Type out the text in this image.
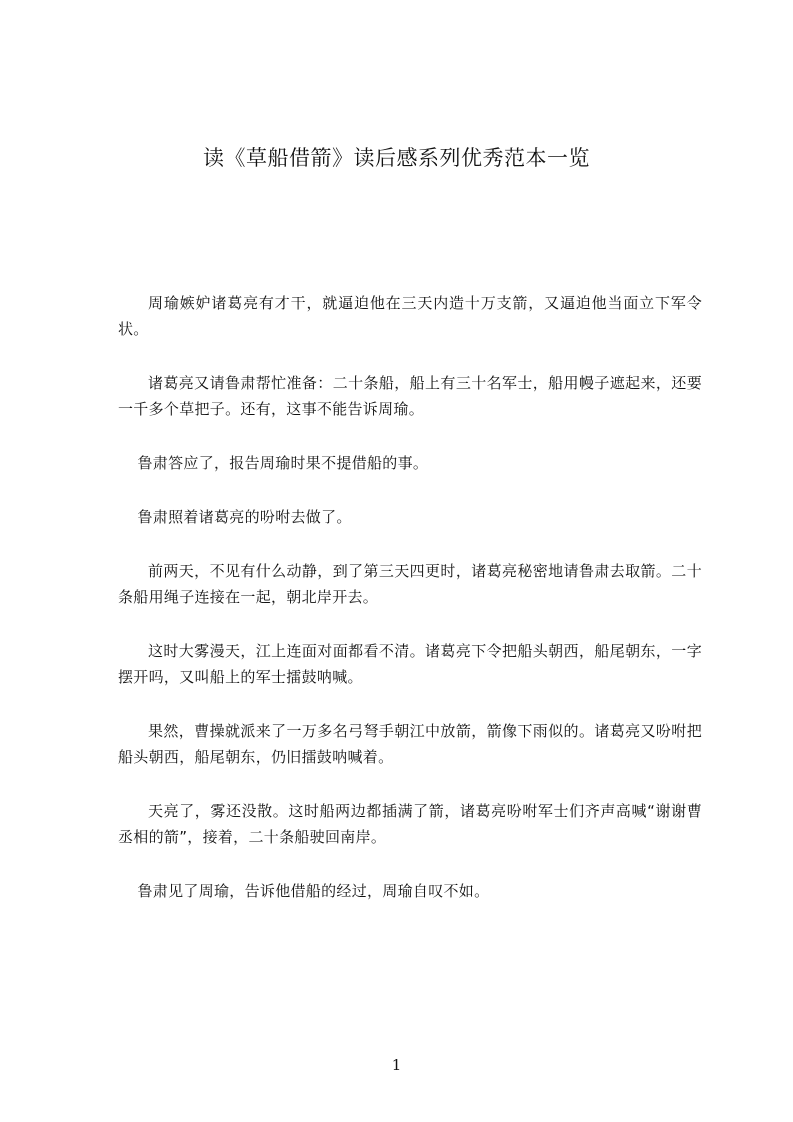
读《草船借箭》读后感系列优秀范本一览

周瑜嫉妒诸葛亮有才干，就逼迫他在三天内造十万支箭，又逼迫他当面立下军令状。

诸葛亮又请鲁肃帮忙准备：二十条船，船上有三十名军士，船用幔子遮起来，还要一千多个草把子。还有，这事不能告诉周瑜。

鲁肃答应了，报告周瑜时果不提借船的事。

鲁肃照着诸葛亮的吩咐去做了。

前两天，不见有什么动静，到了第三天四更时，诸葛亮秘密地请鲁肃去取箭。二十条船用绳子连接在一起，朝北岸开去。

这时大雾漫天，江上连面对面都看不清。诸葛亮下令把船头朝西，船尾朝东，一字摆开吗，又叫船上的军士擂鼓呐喊。

果然，曹操就派来了一万多名弓弩手朝江中放箭，箭像下雨似的。诸葛亮又吩咐把船头朝西，船尾朝东，仍旧擂鼓呐喊着。

天亮了，雾还没散。这时船两边都插满了箭，诸葛亮吩咐军士们齐声高喊“谢谢曹丞相的箭”，接着，二十条船驶回南岸。

鲁肃见了周瑜，告诉他借船的经过，周瑜自叹不如。

1
